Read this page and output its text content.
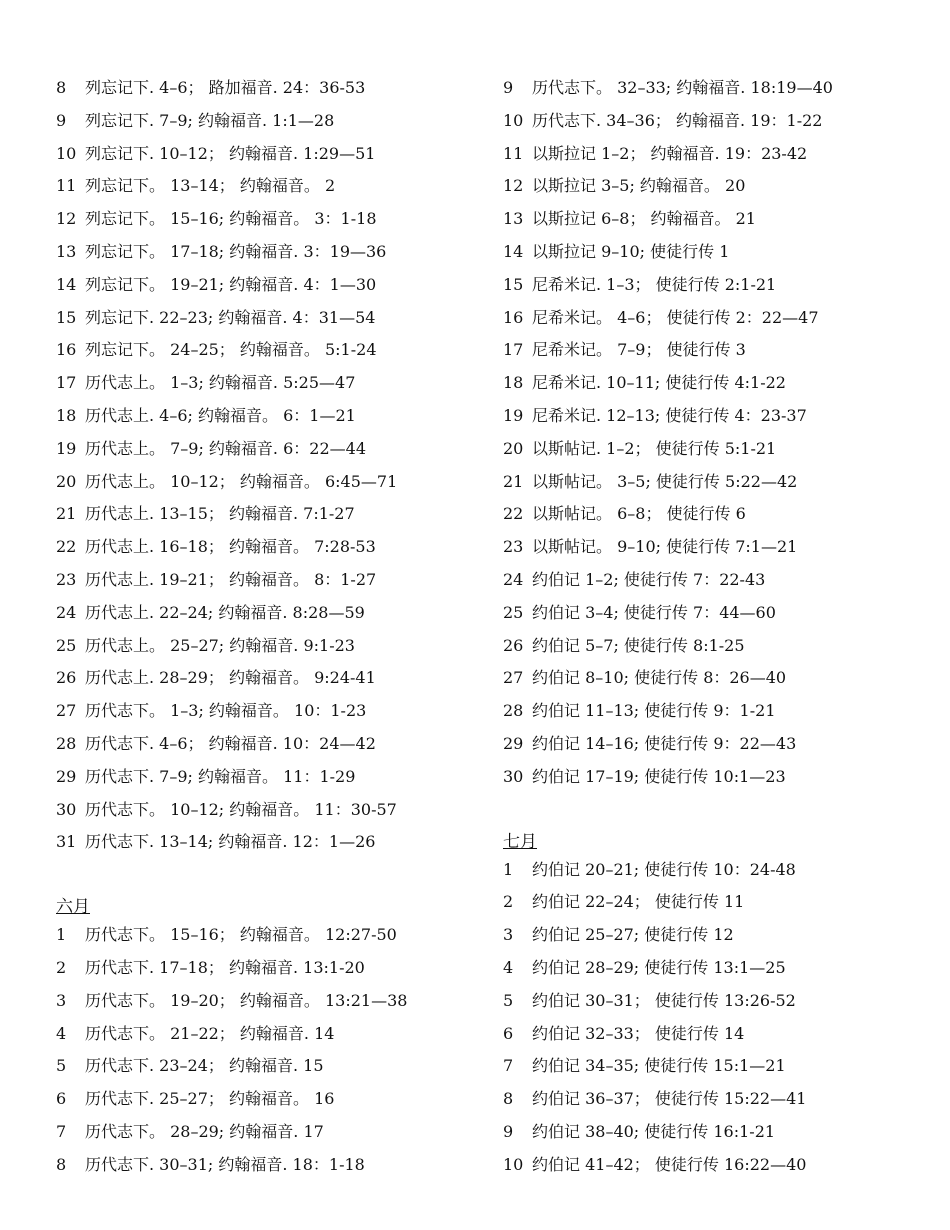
8	列忘记下. 4–6； 路加福音. 24：36-53
9	列忘记下. 7–9; 约翰福音. 1:1—28
10 列忘记下. 10–12； 约翰福音. 1:29—51
11 列忘记下。 13–14； 约翰福音。 2
12 列忘记下。 15–16; 约翰福音。 3：1-18
13 列忘记下。 17–18; 约翰福音. 3：19—36
14 列忘记下。 19–21; 约翰福音. 4：1—30
15 列忘记下. 22–23; 约翰福音. 4：31—54
16 列忘记下。 24–25； 约翰福音。 5:1-24
17 历代志上。 1–3; 约翰福音. 5:25—47
18 历代志上. 4–6; 约翰福音。 6：1—21
19 历代志上。 7–9; 约翰福音. 6：22—44
20 历代志上。 10–12； 约翰福音。 6:45—71
21 历代志上. 13–15； 约翰福音. 7:1-27
22 历代志上. 16–18； 约翰福音。 7:28-53
23 历代志上. 19–21； 约翰福音。 8：1-27
24 历代志上. 22–24; 约翰福音. 8:28—59
25 历代志上。 25–27; 约翰福音. 9:1-23
26 历代志上. 28–29； 约翰福音。 9:24-41
27 历代志下。 1–3; 约翰福音。 10：1-23
28 历代志下. 4–6； 约翰福音. 10：24—42
29 历代志下. 7–9; 约翰福音。 11：1-29
30 历代志下。 10–12; 约翰福音。 11：30-57
31 历代志下. 13–14; 约翰福音. 12：1—26
六月
1	历代志下。 15–16； 约翰福音。 12:27-50
2	历代志下. 17–18； 约翰福音. 13:1-20
3	历代志下。 19–20； 约翰福音。 13:21—38
4	历代志下。 21–22； 约翰福音. 14
5	历代志下. 23–24； 约翰福音. 15
6	历代志下. 25–27； 约翰福音。 16
7	历代志下。 28–29; 约翰福音. 17
8	历代志下. 30–31; 约翰福音. 18：1-18
9	历代志下。 32–33; 约翰福音. 18:19—40
10 历代志下. 34–36； 约翰福音. 19：1-22
11 以斯拉记 1–2； 约翰福音. 19：23-42
12 以斯拉记 3–5; 约翰福音。 20
13 以斯拉记 6–8； 约翰福音。 21
14 以斯拉记 9–10; 使徒行传 1
15 尼希米记. 1–3； 使徒行传 2:1-21
16 尼希米记。 4–6； 使徒行传 2：22—47
17 尼希米记。 7–9； 使徒行传 3
18 尼希米记. 10–11; 使徒行传 4:1-22
19 尼希米记. 12–13; 使徒行传 4：23-37
20 以斯帖记. 1–2； 使徒行传 5:1-21
21 以斯帖记。 3–5; 使徒行传 5:22—42
22 以斯帖记。 6–8； 使徒行传 6
23 以斯帖记。 9–10; 使徒行传 7:1—21
24 约伯记 1–2; 使徒行传 7：22-43
25 约伯记 3–4; 使徒行传 7：44—60
26 约伯记 5–7; 使徒行传 8:1-25
27 约伯记 8–10; 使徒行传 8：26—40
28 约伯记 11–13; 使徒行传 9：1-21
29 约伯记 14–16; 使徒行传 9：22—43
30 约伯记 17–19; 使徒行传 10:1—23
七月
1	约伯记 20–21; 使徒行传 10：24-48
2	约伯记 22–24； 使徒行传 11
3	约伯记 25–27; 使徒行传 12
4	约伯记 28–29; 使徒行传 13:1—25
5	约伯记 30–31； 使徒行传 13:26-52
6	约伯记 32–33； 使徒行传 14
7	约伯记 34–35; 使徒行传 15:1—21
8	约伯记 36–37； 使徒行传 15:22—41
9	约伯记 38–40; 使徒行传 16:1-21
10 约伯记 41–42； 使徒行传 16:22—40
